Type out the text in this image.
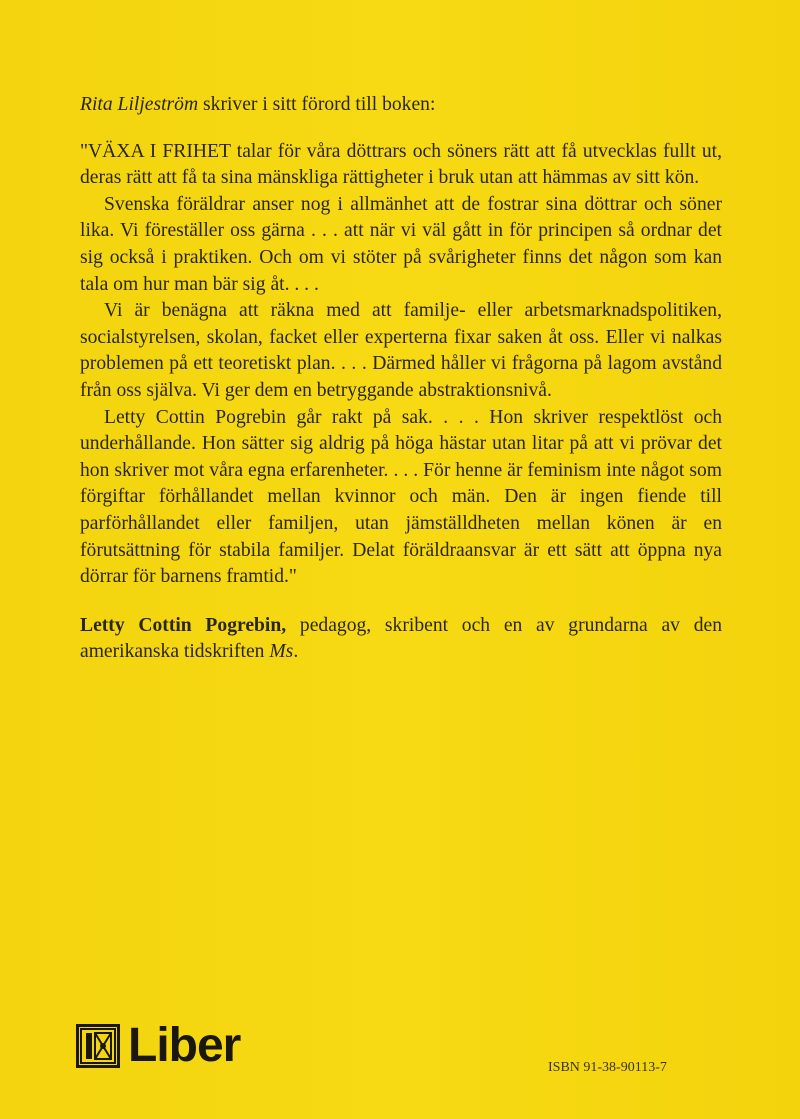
Rita Liljeström skriver i sitt förord till boken:

"VÄXA I FRIHET talar för våra döttrars och söners rätt att få utvecklas fullt ut, deras rätt att få ta sina mänskliga rättigheter i bruk utan att hämmas av sitt kön.

Svenska föräldrar anser nog i allmänhet att de fostrar sina döttrar och söner lika. Vi föreställer oss gärna . . . att när vi väl gått in för principen så ordnar det sig också i praktiken. Och om vi stöter på svårigheter finns det någon som kan tala om hur man bär sig åt. . . .

Vi är benägna att räkna med att familje- eller arbetsmarknadspolitiken, socialstyrelsen, skolan, facket eller experterna fixar saken åt oss. Eller vi nalkas problemen på ett teoretiskt plan. . . . Därmed håller vi frågorna på lagom avstånd från oss själva. Vi ger dem en betryggande abstraktionsnivå.

Letty Cottin Pogrebin går rakt på sak. . . . Hon skriver respektlöst och underhållande. Hon sätter sig aldrig på höga hästar utan litar på att vi prövar det hon skriver mot våra egna erfarenheter. . . . För henne är feminism inte något som förgiftar förhållandet mellan kvinnor och män. Den är ingen fiende till parförhållandet eller familjen, utan jämställdheten mellan könen är en förutsättning för stabila familjer. Delat föräldraansvar är ett sätt att öppna nya dörrar för barnens framtid."

Letty Cottin Pogrebin, pedagog, skribent och en av grundarna av den amerikanska tidskriften Ms.

Liber	ISBN 91-38-90113-7
